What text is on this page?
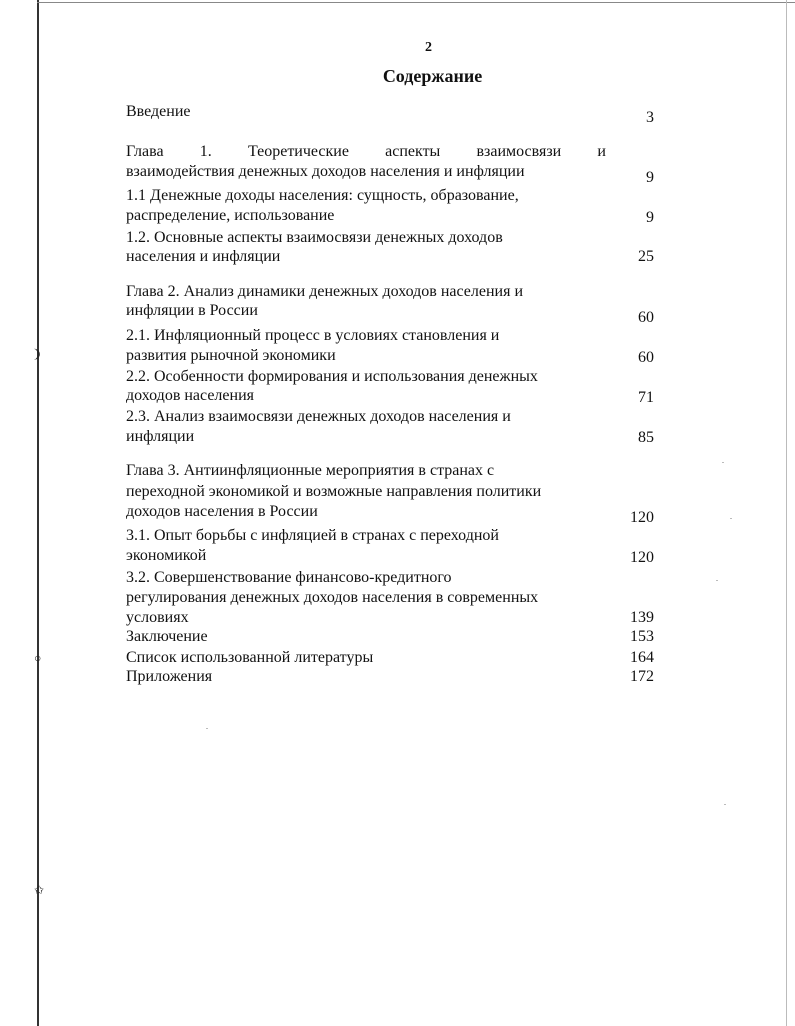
❩
○
✩
2
Содержание
Введение	3
Глава 1. Теоретические аспекты взаимосвязи и
взаимодействия денежных доходов населения и инфляции	9
1.1 Денежные доходы населения: сущность, образование,
распределение, использование	9
1.2. Основные аспекты взаимосвязи денежных доходов
населения и инфляции	25
Глава 2. Анализ динамики денежных доходов населения и
инфляции в России	60
2.1. Инфляционный процесс в условиях становления и
развития рыночной экономики	60
2.2. Особенности формирования и использования денежных
доходов населения	71
2.3. Анализ взаимосвязи денежных доходов населения и
инфляции	85
Глава 3. Антиинфляционные мероприятия в странах с
переходной экономикой и возможные направления политики
доходов населения в России	120
3.1. Опыт борьбы с инфляцией в странах с переходной
экономикой	120
3.2. Совершенствование финансово-кредитного
регулирования денежных доходов населения в современных
условиях	139
Заключение	153
Список использованной литературы	164
Приложения	172
